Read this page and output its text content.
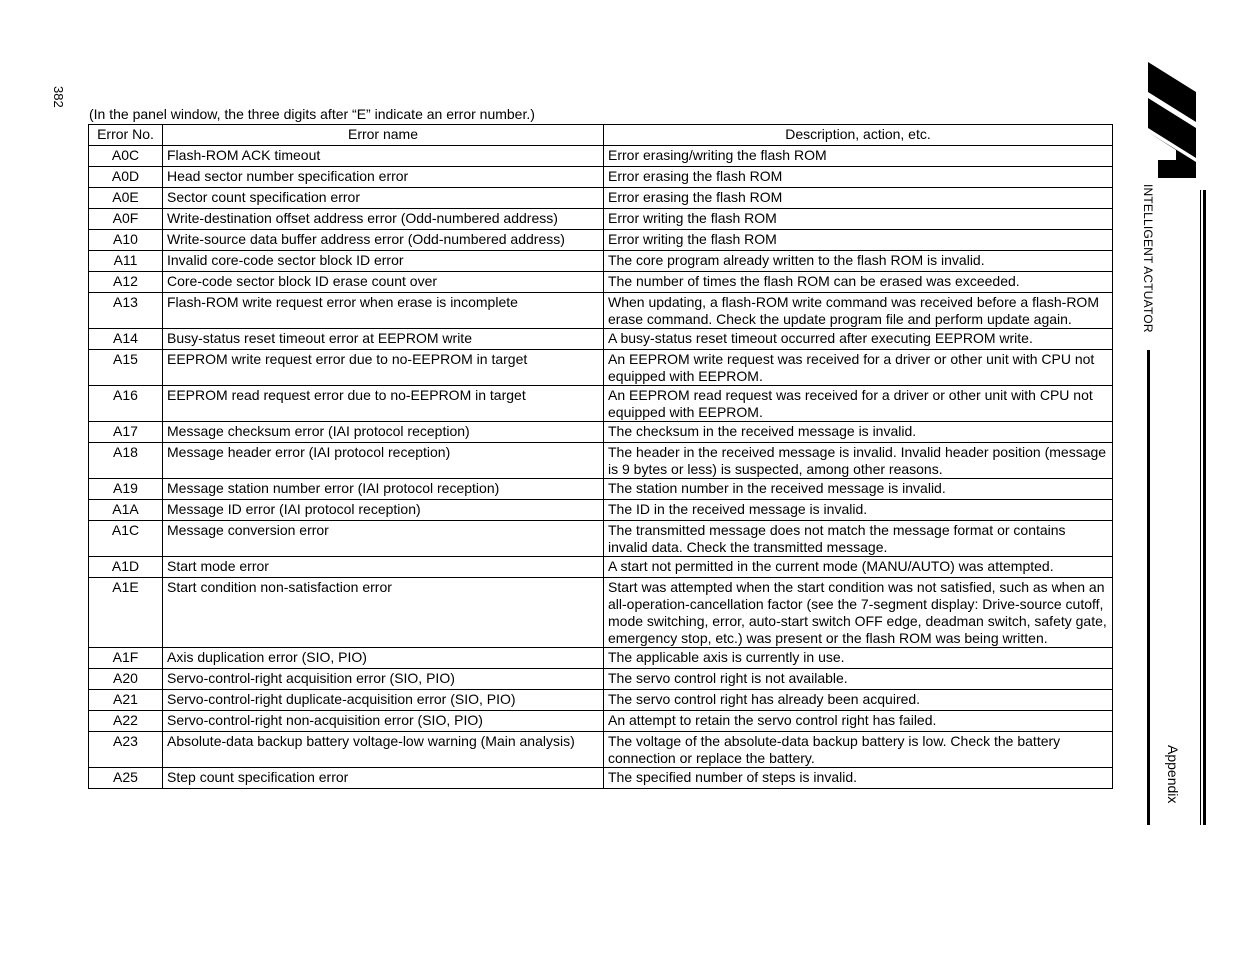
382
(In the panel window, the three digits after “E” indicate an error number.)
Error No.	Error name	Description, action, etc.
A0C	Flash-ROM ACK timeout	Error erasing/writing the flash ROM
A0D	Head sector number specification error	Error erasing the flash ROM
A0E	Sector count specification error	Error erasing the flash ROM
A0F	Write-destination offset address error (Odd-numbered address)	Error writing the flash ROM
A10	Write-source data buffer address error (Odd-numbered address)	Error writing the flash ROM
A11	Invalid core-code sector block ID error	The core program already written to the flash ROM is invalid.
A12	Core-code sector block ID erase count over	The number of times the flash ROM can be erased was exceeded.
A13	Flash-ROM write request error when erase is incomplete	When updating, a flash-ROM write command was received before a flash-ROM erase command. Check the update program file and perform update again.
A14	Busy-status reset timeout error at EEPROM write	A busy-status reset timeout occurred after executing EEPROM write.
A15	EEPROM write request error due to no-EEPROM in target	An EEPROM write request was received for a driver or other unit with CPU not equipped with EEPROM.
A16	EEPROM read request error due to no-EEPROM in target	An EEPROM read request was received for a driver or other unit with CPU not equipped with EEPROM.
A17	Message checksum error (IAI protocol reception)	The checksum in the received message is invalid.
A18	Message header error (IAI protocol reception)	The header in the received message is invalid. Invalid header position (message is 9 bytes or less) is suspected, among other reasons.
A19	Message station number error (IAI protocol reception)	The station number in the received message is invalid.
A1A	Message ID error (IAI protocol reception)	The ID in the received message is invalid.
A1C	Message conversion error	The transmitted message does not match the message format or contains invalid data. Check the transmitted message.
A1D	Start mode error	A start not permitted in the current mode (MANU/AUTO) was attempted.
A1E	Start condition non-satisfaction error	Start was attempted when the start condition was not satisfied, such as when an all-operation-cancellation factor (see the 7-segment display: Drive-source cutoff, mode switching, error, auto-start switch OFF edge, deadman switch, safety gate, emergency stop, etc.) was present or the flash ROM was being written.
A1F	Axis duplication error (SIO, PIO)	The applicable axis is currently in use.
A20	Servo-control-right acquisition error (SIO, PIO)	The servo control right is not available.
A21	Servo-control-right duplicate-acquisition error (SIO, PIO)	The servo control right has already been acquired.
A22	Servo-control-right non-acquisition error (SIO, PIO)	An attempt to retain the servo control right has failed.
A23	Absolute-data backup battery voltage-low warning (Main analysis)	The voltage of the absolute-data backup battery is low. Check the battery connection or replace the battery.
A25	Step count specification error	The specified number of steps is invalid.
INTELLIGENT ACTUATOR
Appendix
